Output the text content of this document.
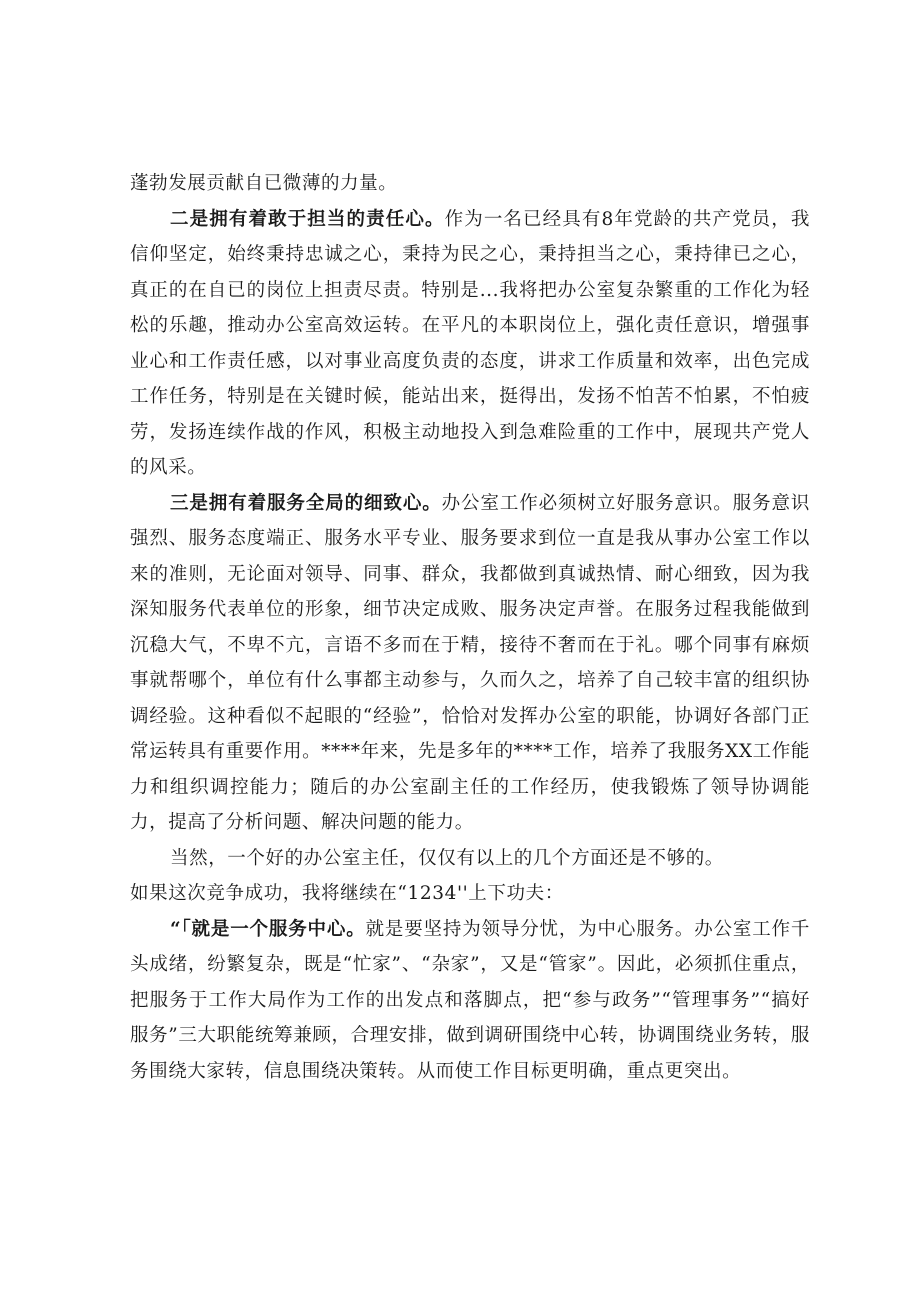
蓬勃发展贡献自已微薄的力量。

二是拥有着敢于担当的责任心。作为一名已经具有8年党龄的共产党员，我信仰坚定，始终秉持忠诚之心，秉持为民之心，秉持担当之心，秉持律已之心，真正的在自已的岗位上担责尽责。特别是...我将把办公室复杂繁重的工作化为轻松的乐趣，推动办公室高效运转。在平凡的本职岗位上，强化责任意识，增强事业心和工作责任感，以对事业高度负责的态度，讲求工作质量和效率，出色完成工作任务，特别是在关键时候，能站出来，挺得出，发扬不怕苦不怕累，不怕疲劳，发扬连续作战的作风，积极主动地投入到急难险重的工作中，展现共产党人的风采。

三是拥有着服务全局的细致心。办公室工作必须树立好服务意识。服务意识强烈、服务态度端正、服务水平专业、服务要求到位一直是我从事办公室工作以来的准则，无论面对领导、同事、群众，我都做到真诚热情、耐心细致，因为我深知服务代表单位的形象，细节决定成败、服务决定声誉。在服务过程我能做到沉稳大气，不卑不亢，言语不多而在于精，接待不奢而在于礼。哪个同事有麻烦事就帮哪个，单位有什么事都主动参与，久而久之，培养了自己较丰富的组织协调经验。这种看似不起眼的“经验”，恰恰对发挥办公室的职能，协调好各部门正常运转具有重要作用。****年来，先是多年的****工作，培养了我服务XX工作能力和组织调控能力；随后的办公室副主任的工作经历，使我锻炼了领导协调能力，提高了分析问题、解决问题的能力。

当然，一个好的办公室主任，仅仅有以上的几个方面还是不够的。

如果这次竞争成功，我将继续在“1234''上下功夫：

“「就是一个服务中心。就是要坚持为领导分忧，为中心服务。办公室工作千头成绪，纷繁复杂，既是“忙家”、“杂家”，又是“管家”。因此，必须抓住重点，把服务于工作大局作为工作的出发点和落脚点，把“参与政务”“管理事务”“搞好服务”三大职能统筹兼顾，合理安排，做到调研围绕中心转，协调围绕业务转，服务围绕大家转，信息围绕决策转。从而使工作目标更明确，重点更突出。
